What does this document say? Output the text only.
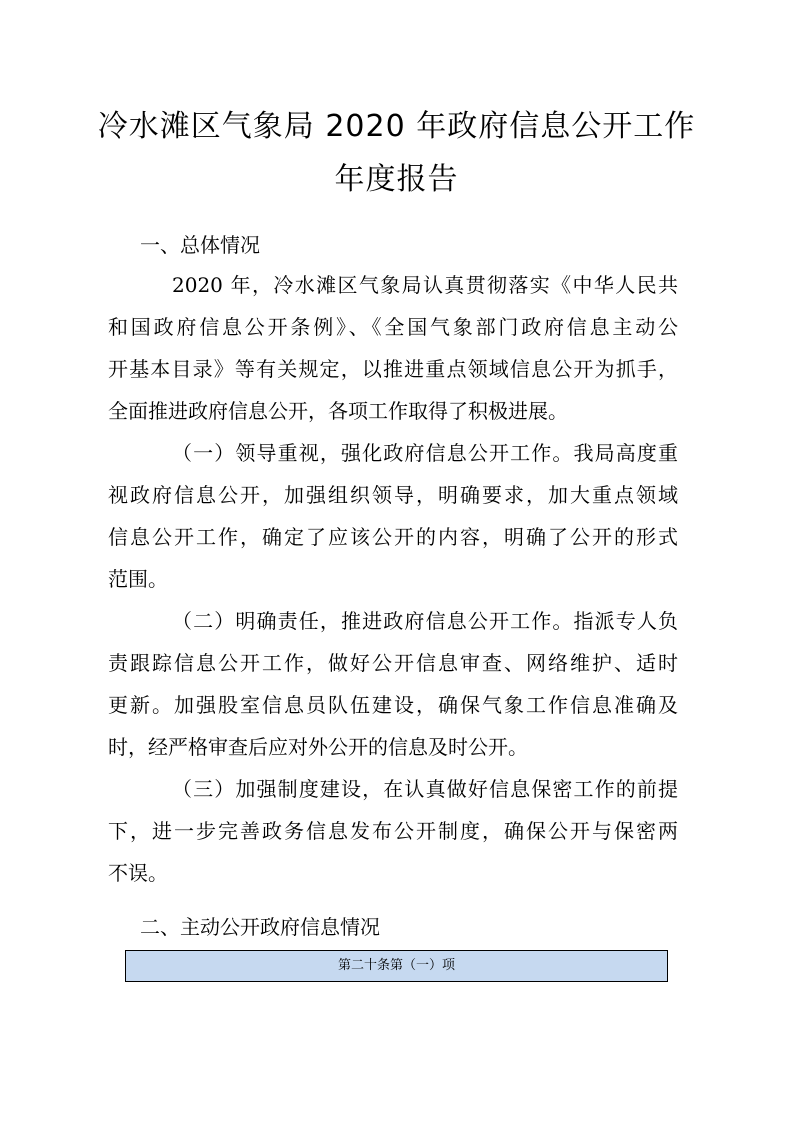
冷水滩区气象局 2020 年政府信息公开工作
年度报告
一、总体情况
2020 年，冷水滩区气象局认真贯彻落实《中华人民共
和国政府信息公开条例》、《全国气象部门政府信息主动公
开基本目录》等有关规定，以推进重点领域信息公开为抓手，
全面推进政府信息公开，各项工作取得了积极进展。
（一）领导重视，强化政府信息公开工作。我局高度重
视政府信息公开，加强组织领导，明确要求，加大重点领域
信息公开工作，确定了应该公开的内容，明确了公开的形式
范围。
（二）明确责任，推进政府信息公开工作。指派专人负
责跟踪信息公开工作，做好公开信息审查、网络维护、适时
更新。加强股室信息员队伍建设，确保气象工作信息准确及
时，经严格审查后应对外公开的信息及时公开。
（三）加强制度建设，在认真做好信息保密工作的前提
下，进一步完善政务信息发布公开制度，确保公开与保密两
不误。
二、主动公开政府信息情况
第二十条第（一）项
